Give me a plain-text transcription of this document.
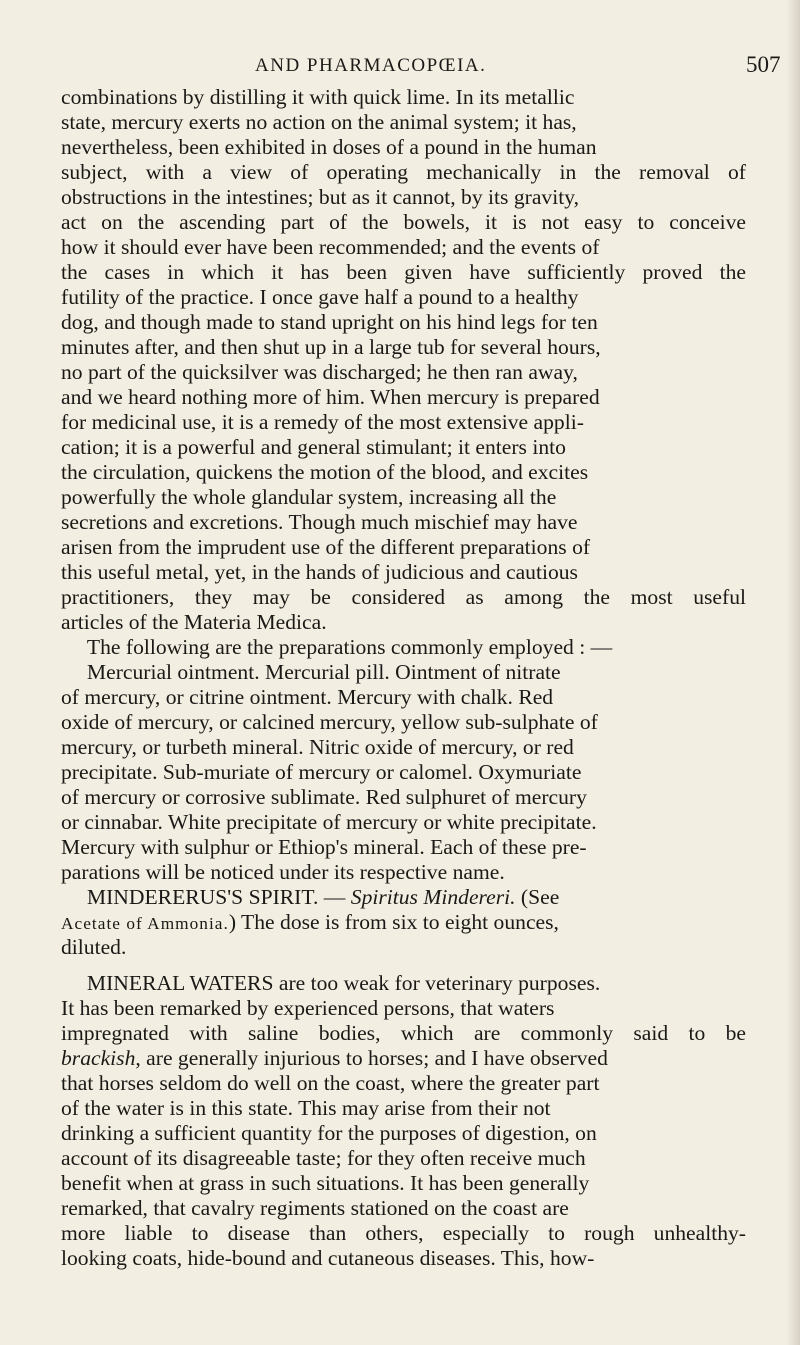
AND PHARMACOPŒIA.	507
combinations by distilling it with quick lime. In its metallic
state, mercury exerts no action on the animal system; it has,
nevertheless, been exhibited in doses of a pound in the human
subject, with a view of operating mechanically in the removal of
obstructions in the intestines; but as it cannot, by its gravity,
act on the ascending part of the bowels, it is not easy to conceive
how it should ever have been recommended; and the events of
the cases in which it has been given have sufficiently proved the
futility of the practice. I once gave half a pound to a healthy
dog, and though made to stand upright on his hind legs for ten
minutes after, and then shut up in a large tub for several hours,
no part of the quicksilver was discharged; he then ran away,
and we heard nothing more of him. When mercury is prepared
for medicinal use, it is a remedy of the most extensive appli-
cation; it is a powerful and general stimulant; it enters into
the circulation, quickens the motion of the blood, and excites
powerfully the whole glandular system, increasing all the
secretions and excretions. Though much mischief may have
arisen from the imprudent use of the different preparations of
this useful metal, yet, in the hands of judicious and cautious
practitioners, they may be considered as among the most useful
articles of the Materia Medica.
The following are the preparations commonly employed : —
Mercurial ointment. Mercurial pill. Ointment of nitrate
of mercury, or citrine ointment. Mercury with chalk. Red
oxide of mercury, or calcined mercury, yellow sub-sulphate of
mercury, or turbeth mineral. Nitric oxide of mercury, or red
precipitate. Sub-muriate of mercury or calomel. Oxymuriate
of mercury or corrosive sublimate. Red sulphuret of mercury
or cinnabar. White precipitate of mercury or white precipitate.
Mercury with sulphur or Ethiop's mineral. Each of these pre-
parations will be noticed under its respective name.
MINDERERUS'S SPIRIT. — Spiritus Mindereri. (See
Acetate of Ammonia.) The dose is from six to eight ounces,
diluted.
MINERAL WATERS are too weak for veterinary purposes.
It has been remarked by experienced persons, that waters
impregnated with saline bodies, which are commonly said to be
brackish, are generally injurious to horses; and I have observed
that horses seldom do well on the coast, where the greater part
of the water is in this state. This may arise from their not
drinking a sufficient quantity for the purposes of digestion, on
account of its disagreeable taste; for they often receive much
benefit when at grass in such situations. It has been generally
remarked, that cavalry regiments stationed on the coast are
more liable to disease than others, especially to rough unhealthy-
looking coats, hide-bound and cutaneous diseases. This, how-
